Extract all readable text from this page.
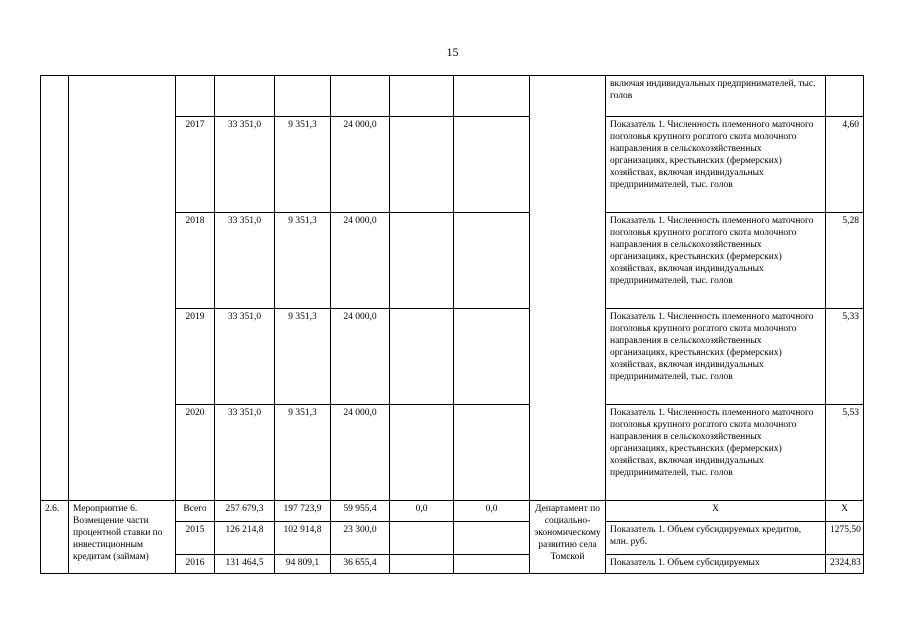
15
									включая индивидуальных предпринимателей, тыс. голов	
		2017	33 351,0	9 351,3	24 000,0				Показатель 1. Численность племенного маточного поголовья крупного рогатого скота молочного направления в сельскохозяйственных организациях, крестьянских (фермерских) хозяйствах, включая индивидуальных предпринимателей, тыс. голов	4,60
		2018	33 351,0	9 351,3	24 000,0				Показатель 1. Численность племенного маточного поголовья крупного рогатого скота молочного направления в сельскохозяйственных организациях, крестьянских (фермерских) хозяйствах, включая индивидуальных предпринимателей, тыс. голов	5,28
		2019	33 351,0	9 351,3	24 000,0				Показатель 1. Численность племенного маточного поголовья крупного рогатого скота молочного направления в сельскохозяйственных организациях, крестьянских (фермерских) хозяйствах, включая индивидуальных предпринимателей, тыс. голов	5,33
		2020	33 351,0	9 351,3	24 000,0				Показатель 1. Численность племенного маточного поголовья крупного рогатого скота молочного направления в сельскохозяйственных организациях, крестьянских (фермерских) хозяйствах, включая индивидуальных предпринимателей, тыс. голов	5,53
2.6.	Мероприятие 6. Возмещение части процентной ставки по инвестиционным кредитам (займам)	Всего	257 679,3	197 723,9	59 955,4	0,0	0,0	Департамент по социально-экономическому развитию села Томской	Х	Х
		2015	126 214,8	102 914,8	23 300,0				Показатель 1. Объем субсидируемых кредитов, млн. руб.	1275,50
		2016	131 464,5	94 809,1	36 655,4				Показатель 1. Объем субсидируемых	2324,83
